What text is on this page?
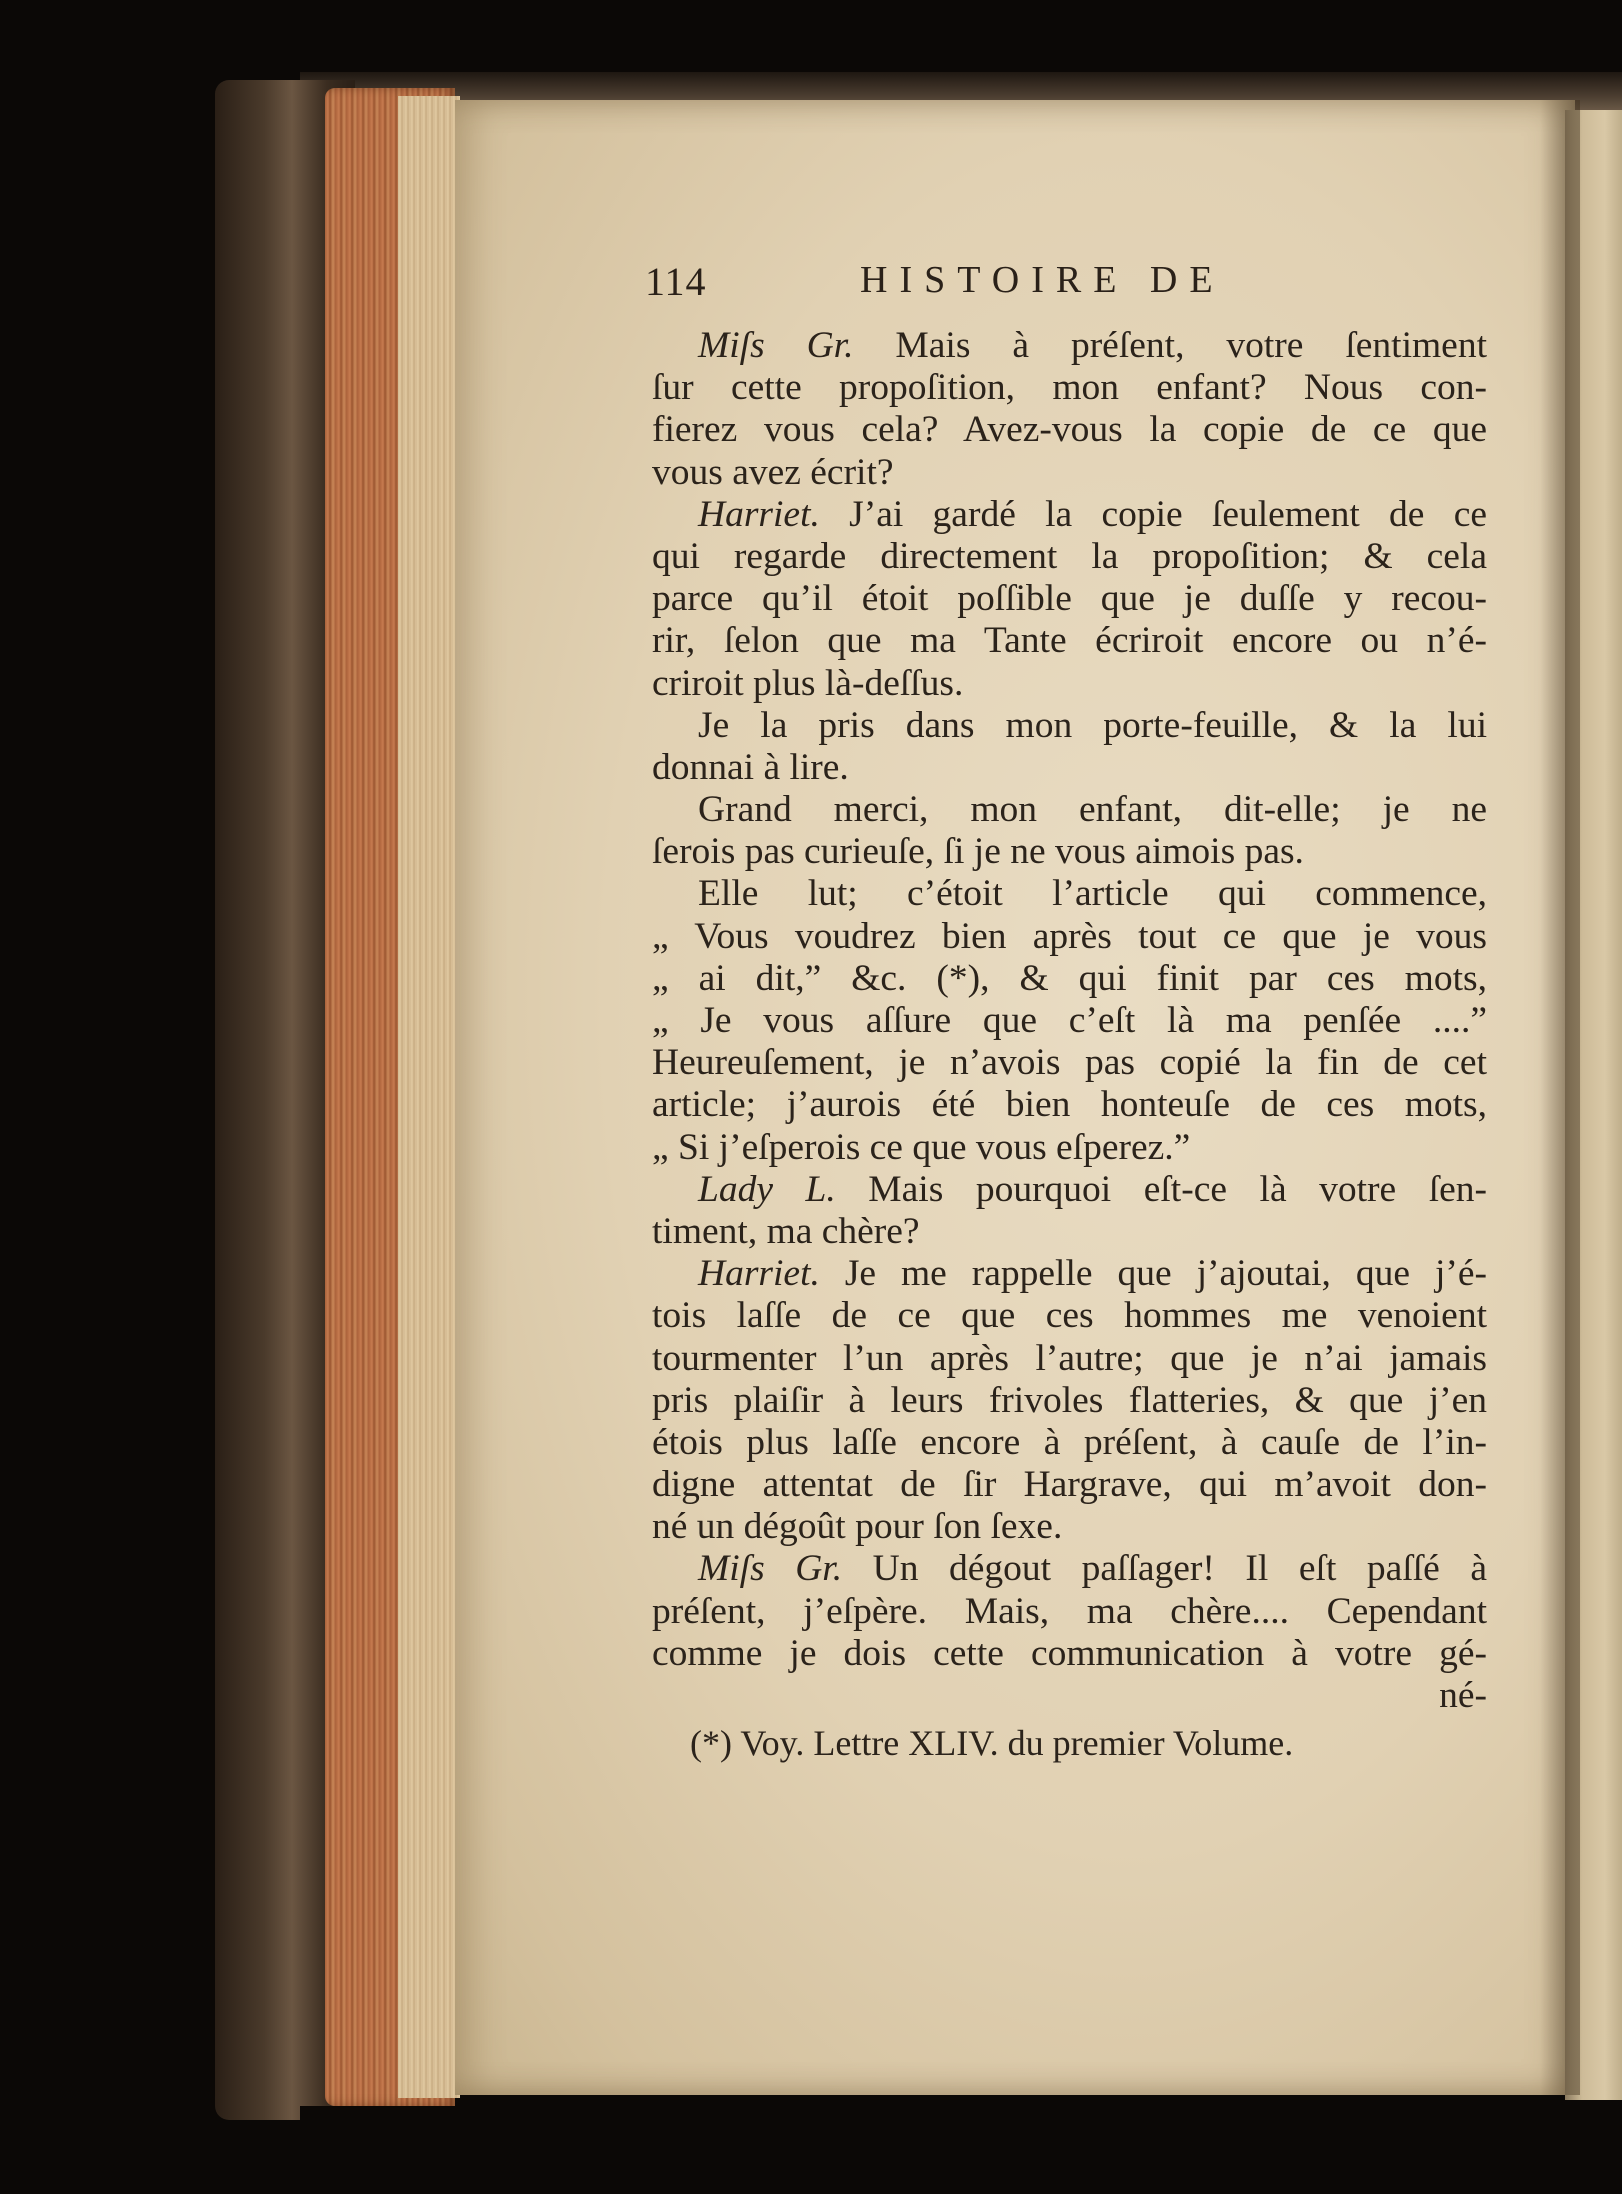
114	HISTOIRE DE
Miſs Gr. Mais à préſent, votre ſentiment
ſur cette propoſition, mon enfant? Nous con-
fierez vous cela? Avez-vous la copie de ce que
vous avez écrit?
Harriet. J’ai gardé la copie ſeulement de ce
qui regarde directement la propoſition; & cela
parce qu’il étoit poſſible que je duſſe y recou-
rir, ſelon que ma Tante écriroit encore ou n’é-
criroit plus là-deſſus.
Je la pris dans mon porte-feuille, & la lui
donnai à lire.
Grand merci, mon enfant, dit-elle; je ne
ſerois pas curieuſe, ſi je ne vous aimois pas.
Elle lut; c’étoit l’article qui commence,
„ Vous voudrez bien après tout ce que je vous
„ ai dit,” &c. (*), & qui finit par ces mots,
„ Je vous aſſure que c’eſt là ma penſée ....”
Heureuſement, je n’avois pas copié la fin de cet
article; j’aurois été bien honteuſe de ces mots,
„ Si j’eſperois ce que vous eſperez.”
Lady L. Mais pourquoi eſt-ce là votre ſen-
timent, ma chère?
Harriet. Je me rappelle que j’ajoutai, que j’é-
tois laſſe de ce que ces hommes me venoient
tourmenter l’un après l’autre; que je n’ai jamais
pris plaiſir à leurs frivoles flatteries, & que j’en
étois plus laſſe encore à préſent, à cauſe de l’in-
digne attentat de ſir Hargrave, qui m’avoit don-
né un dégoût pour ſon ſexe.
Miſs Gr. Un dégout paſſager! Il eſt paſſé à
préſent, j’eſpère. Mais, ma chère.... Cependant
comme je dois cette communication à votre gé-
né-
(*) Voy. Lettre XLIV. du premier Volume.
